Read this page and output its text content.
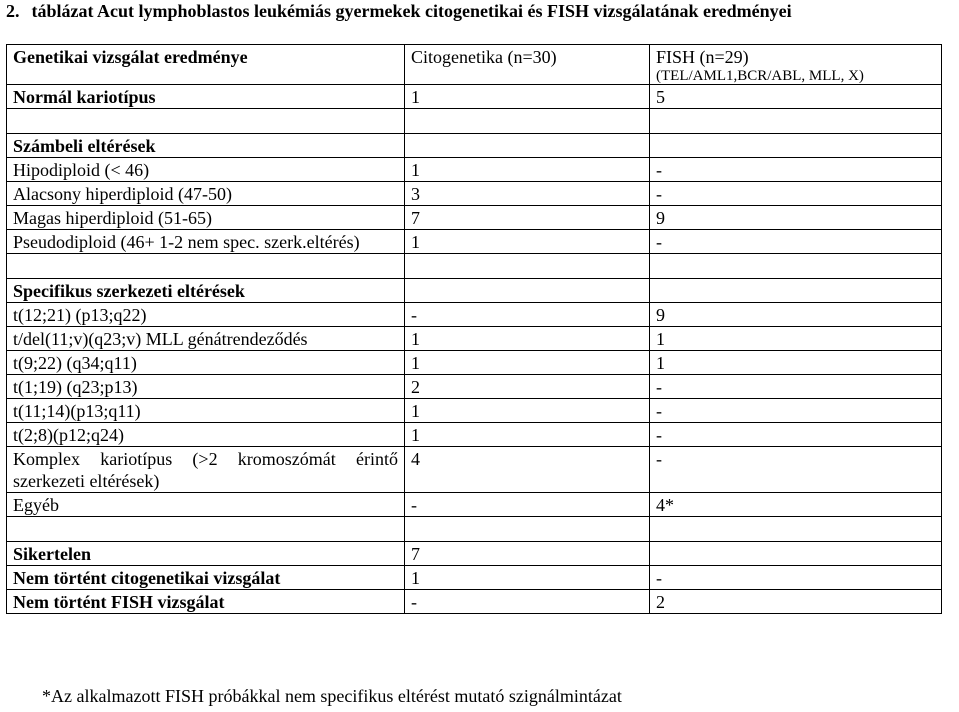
2. táblázat Acut lymphoblastos leukémiás gyermekek citogenetikai és FISH vizsgálatának eredményei
Genetikai vizsgálat eredménye	Citogenetika (n=30)	FISH (n=29)
(TEL/AML1,BCR/ABL, MLL, X)

Normál kariotípus	1	5

Számbeli eltérések		
Hipodiploid (< 46)	1	-
Alacsony hiperdiploid (47-50)	3	-
Magas hiperdiploid (51-65)	7	9
Pseudodiploid (46+ 1-2 nem spec. szerk.eltérés)	1	-

Specifikus szerkezeti eltérések		
t(12;21) (p13;q22)	-	9
t/del(11;v)(q23;v) MLL génátrendeződés	1	1
t(9;22) (q34;q11)	1	1
t(1;19) (q23;p13)	2	-
t(11;14)(p13;q11)	1	-
t(2;8)(p12;q24)	1	-
Komplex kariotípus (>2 kromoszómát érintő szerkezeti eltérések)	4	-
Egyéb	-	4*

Sikertelen	7	
Nem történt citogenetikai vizsgálat	1	-
Nem történt FISH vizsgálat	-	2
*Az alkalmazott FISH próbákkal nem specifikus eltérést mutató szignálmintázat
